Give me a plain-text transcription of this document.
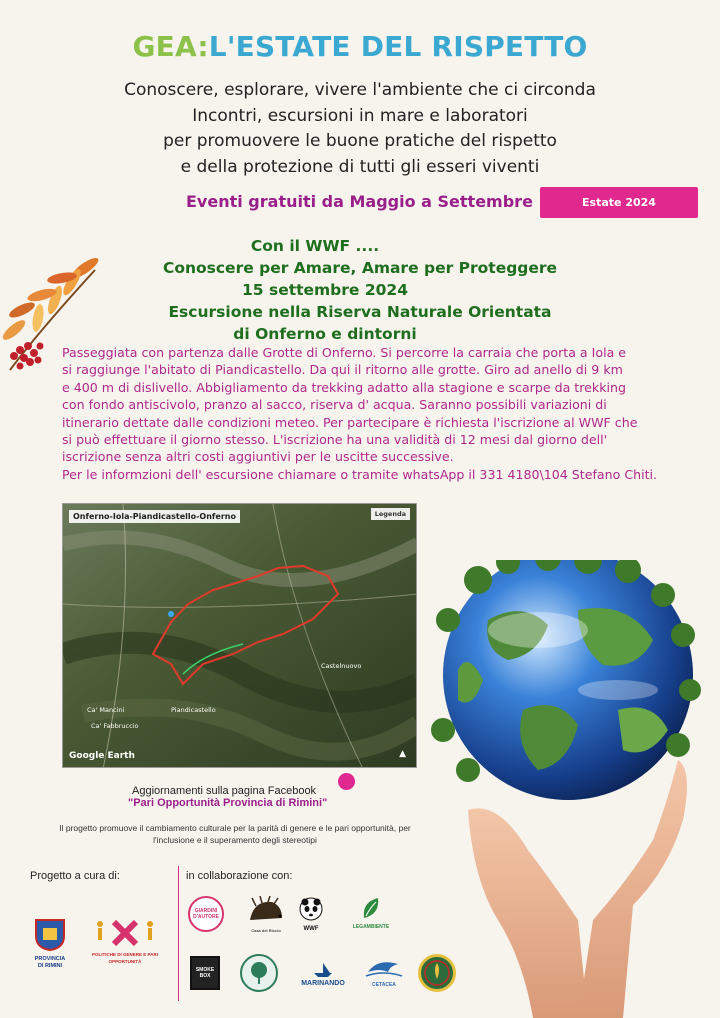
GEA:L'ESTATE DEL RISPETTO
Conoscere, esplorare, vivere l'ambiente che ci circonda
Incontri, escursioni in mare e laboratori
per promuovere le buone pratiche del rispetto
e della protezione di tutti gli esseri viventi
Eventi gratuiti da Maggio a Settembre	Estate 2024
Con il WWF ....
Conoscere per Amare, Amare per Proteggere
15 settembre 2024
Escursione nella Riserva Naturale Orientata
di Onferno e dintorni
Passeggiata con partenza dalle Grotte di Onferno. Si percorre la carraia che porta a Iola e
si raggiunge l'abitato di Piandicastello. Da qui il ritorno alle grotte. Giro ad anello di 9 km
e 400 m di dislivello. Abbigliamento da trekking adatto alla stagione e scarpe da trekking
con fondo antiscivolo, pranzo al sacco, riserva d' acqua. Saranno possibili variazioni di
itinerario dettate dalle condizioni meteo. Per partecipare è richiesta l'iscrizione al WWF che
si può effettuare il giorno stesso. L'iscrizione ha una validità di 12 mesi dal giorno dell'
iscrizione senza altri costi aggiuntivi per le uscitte successive.
Per le informzioni dell' escursione chiamare o tramite whatsApp il 331 4180\104 Stefano Chiti.
Onferno-Iola-Piandicastello-Onferno	Legenda
Castelnuovo
Piandicastello
Ca' Mancini
Ca' Fabbruccio
Google Earth	▲
Aggiornamenti sulla pagina Facebook
"Pari Opportunità Provincia di Rimini"
Il progetto promuove il cambiamento culturale per la parità di genere e le pari opportunità, per
l'inclusione e il superamento degli stereotipi
Progetto a cura di:	in collaborazione con:
PROVINCIA DI RIMINI
POLITICHE DI GENERE E PARI OPPORTUNITÀ
GIARDINI D'AUTORE
Casa del Riccio	WWF	LEGAMBIENTE
SMOKE BOX
MARINANDO	CETACEA
